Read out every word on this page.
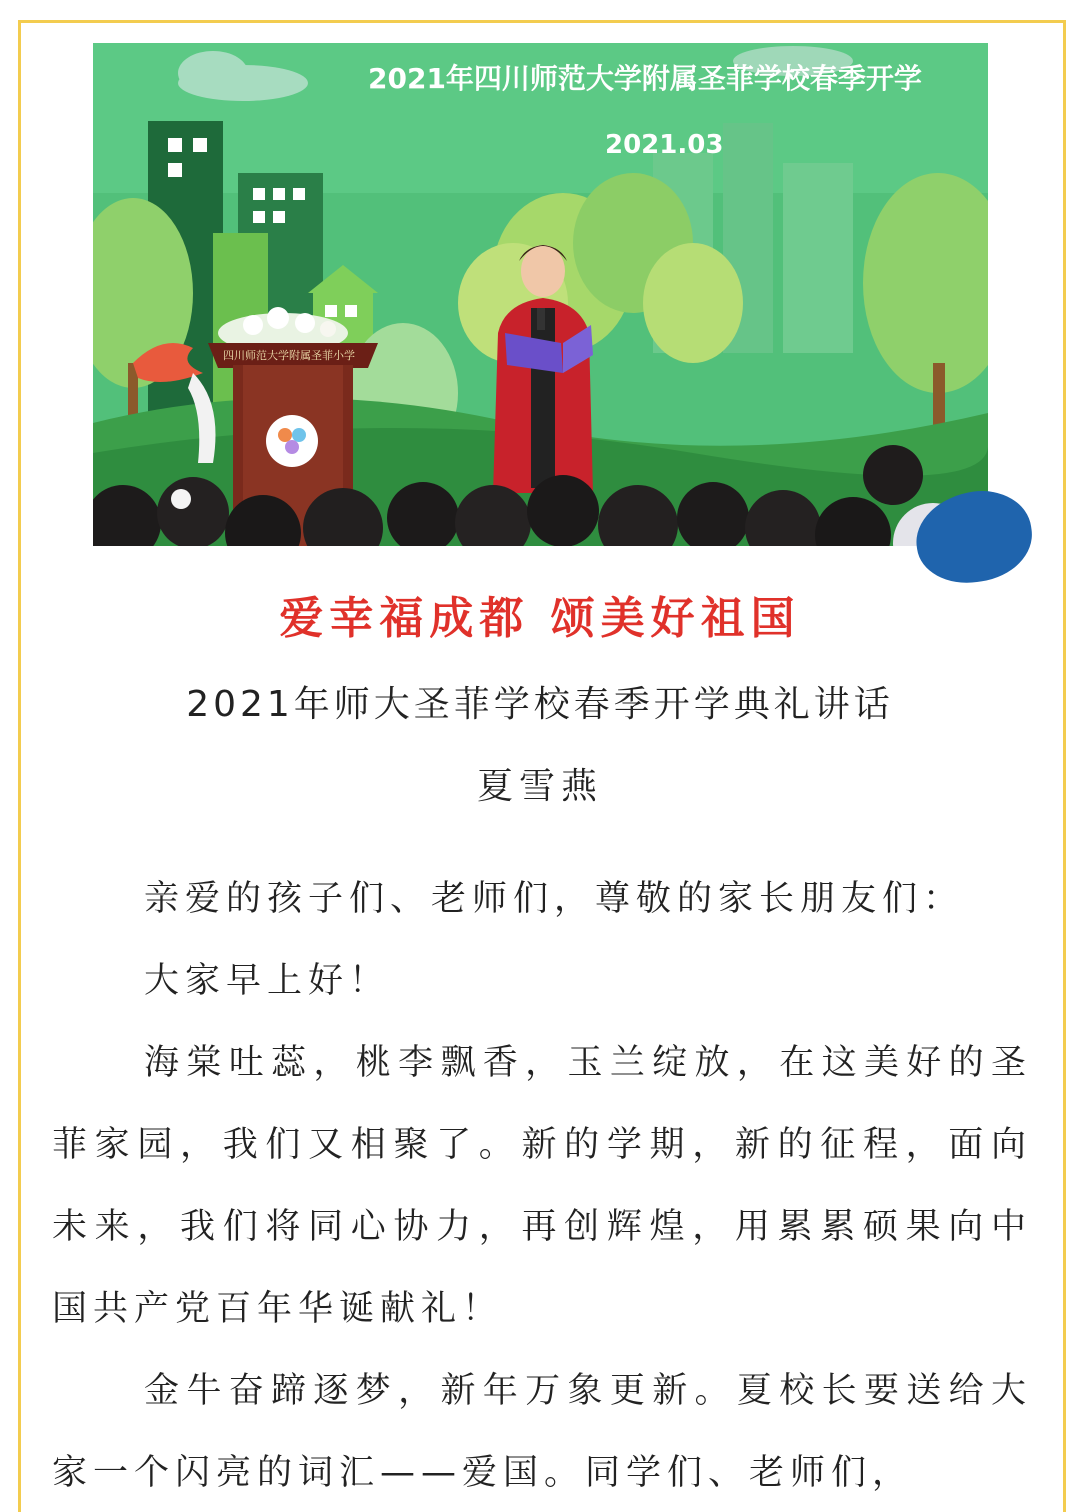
2021年四川师范大学附属圣菲学校春季开学
2021.03
四川师范大学附属圣菲小学
爱幸福成都 颂美好祖国
2021年师大圣菲学校春季开学典礼讲话
夏雪燕

亲爱的孩子们、老师们，尊敬的家长朋友们：

大家早上好！

海棠吐蕊，桃李飘香，玉兰绽放，在这美好的圣菲家园，我们又相聚了。新的学期，新的征程，面向未来，我们将同心协力，再创辉煌，用累累硕果向中国共产党百年华诞献礼！

金牛奋蹄逐梦，新年万象更新。夏校长要送给大家一个闪亮的词汇——爱国。同学们、老师们，
